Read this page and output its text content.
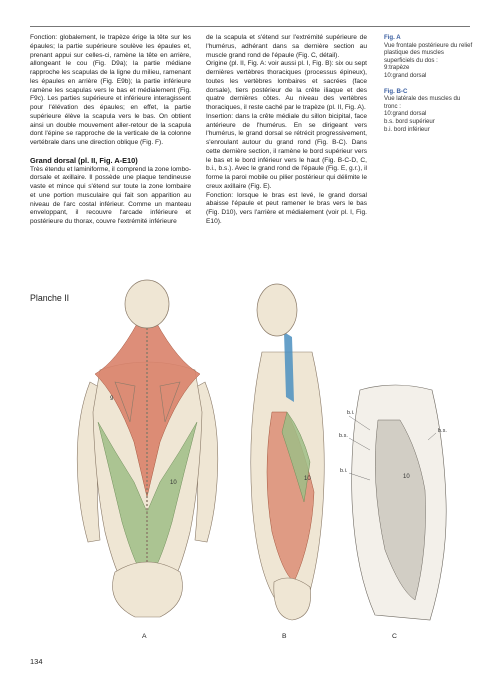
Fonction: globalement, le trapèze érige la tête sur les épaules; la partie supérieure soulève les épaules et, prenant appui sur celles-ci, ramène la tête en arrière, allongeant le cou (Fig. D9a); la partie médiane rapproche les scapulas de la ligne du milieu, ramenant les épaules en arrière (Fig. E9b); la partie inférieure ramène les scapulas vers le bas et médialement (Fig. F9c). Les parties supérieure et inférieure interagissent pour l'élévation des épaules; en effet, la partie supérieure élève la scapula vers le bas. On obtient ainsi un double mouvement aller-retour de la scapula dont l'épine se rapproche de la verticale de la colonne vertébrale dans une direction oblique (Fig. F).

Grand dorsal (pl. II, Fig. A-E10)

Très étendu et laminiforme, il comprend la zone lombo-dorsale et axillaire. Il possède une plaque tendineuse vaste et mince qui s'étend sur toute la zone lombaire et une portion musculaire qui fait son apparition au niveau de l'arc costal inférieur. Comme un manteau enveloppant, il recouvre l'arcade inférieure et postérieure du thorax, couvre l'extrémité inférieure

de la scapula et s'étend sur l'extrémité supérieure de l'humérus, adhérant dans sa dernière section au muscle grand rond de l'épaule (Fig. C, détail).

Origine (pl. II, Fig. A: voir aussi pl. I, Fig. B): six ou sept dernières vertèbres thoraciques (processus épineux), toutes les vertèbres lombaires et sacrées (face dorsale), tiers postérieur de la crête iliaque et des quatre dernières côtes. Au niveau des vertèbres thoraciques, il reste caché par le trapèze (pl. II, Fig. A).

Insertion: dans la crête médiale du sillon bicipital, face antérieure de l'humérus. En se dirigeant vers l'humérus, le grand dorsal se rétrécit progressivement, s'enroulant autour du grand rond (Fig. B-C). Dans cette dernière section, il ramène le bord supérieur vers le bas et le bord inférieur vers le haut (Fig. B-C-D, C, b.i., b.s.). Avec le grand rond de l'épaule (Fig. E, g.r.), il forme la paroi mobile ou pilier postérieur qui délimite le creux axillaire (Fig. E).

Fonction: lorsque le bras est levé, le grand dorsal abaisse l'épaule et peut ramener le bras vers le bas (Fig. D10), vers l'arrière et médialement (voir pl. I, Fig. E10).

Fig. A

Vue frontale postérieure du relief plastique des muscles superficiels du dos :

9:trapèze

10:grand dorsal

Fig. B-C

Vue latérale des muscles du tronc :

10:grand dorsal

b.s. bord supérieur

b.i. bord inférieur

Planche II
9
10
10
b.i.
b.s.
b.s.
b.i.
10
A	B	C
134
